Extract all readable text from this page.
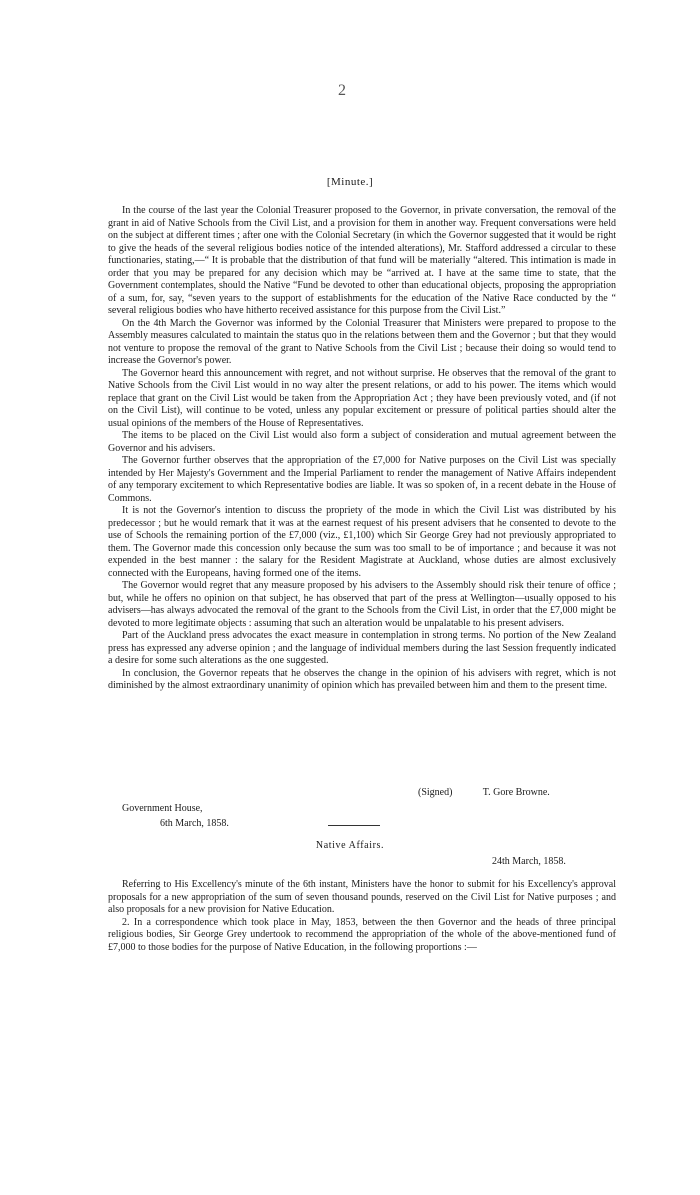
2
[Minute.]

In the course of the last year the Colonial Treasurer proposed to the Governor, in private conversation, the removal of the grant in aid of Native Schools from the Civil List, and a provision for them in another way. Frequent conversations were held on the subject at different times ; after one with the Colonial Secretary (in which the Governor suggested that it would be right to give the heads of the several religious bodies notice of the intended alterations), Mr. Stafford addressed a circular to these functionaries, stating,—“ It is probable that the distribution of that fund will be materially “altered. This intimation is made in order that you may be prepared for any decision which may be “arrived at. I have at the same time to state, that the Government contemplates, should the Native “Fund be devoted to other than educational objects, proposing the appropriation of a sum, for, say, “seven years to the support of establishments for the education of the Native Race conducted by the “ several religious bodies who have hitherto received assistance for this purpose from the Civil List.”

On the 4th March the Governor was informed by the Colonial Treasurer that Ministers were prepared to propose to the Assembly measures calculated to maintain the status quo in the relations between them and the Governor ; but that they would not venture to propose the removal of the grant to Native Schools from the Civil List ; because their doing so would tend to increase the Governor's power.

The Governor heard this announcement with regret, and not without surprise. He observes that the removal of the grant to Native Schools from the Civil List would in no way alter the present relations, or add to his power. The items which would replace that grant on the Civil List would be taken from the Appropriation Act ; they have been previously voted, and (if not on the Civil List), will continue to be voted, unless any popular excitement or pressure of political parties should alter the usual opinions of the members of the House of Representatives.

The items to be placed on the Civil List would also form a subject of consideration and mutual agreement between the Governor and his advisers.

The Governor further observes that the appropriation of the £7,000 for Native purposes on the Civil List was specially intended by Her Majesty's Government and the Imperial Parliament to render the management of Native Affairs independent of any temporary excitement to which Representative bodies are liable. It was so spoken of, in a recent debate in the House of Commons.

It is not the Governor's intention to discuss the propriety of the mode in which the Civil List was distributed by his predecessor ; but he would remark that it was at the earnest request of his present advisers that he consented to devote to the use of Schools the remaining portion of the £7,000 (viz., £1,100) which Sir George Grey had not previously appropriated to them. The Governor made this concession only because the sum was too small to be of importance ; and because it was not expended in the best manner : the salary for the Resident Magistrate at Auckland, whose duties are almost exclusively connected with the Europeans, having formed one of the items.

The Governor would regret that any measure proposed by his advisers to the Assembly should risk their tenure of office ; but, while he offers no opinion on that subject, he has observed that part of the press at Wellington—usually opposed to his advisers—has always advocated the removal of the grant to the Schools from the Civil List, in order that the £7,000 might be devoted to more legitimate objects : assuming that such an alteration would be unpalatable to his present advisers.

Part of the Auckland press advocates the exact measure in contemplation in strong terms. No portion of the New Zealand press has expressed any adverse opinion ; and the language of individual members during the last Session frequently indicated a desire for some such alterations as the one suggested.

In conclusion, the Governor repeats that he observes the change in the opinion of his advisers with regret, which is not diminished by the almost extraordinary unanimity of opinion which has prevailed between him and them to the present time.

(Signed)	T. Gore Browne.
Government House,
6th March, 1858.
Native Affairs.
24th March, 1858.

Referring to His Excellency's minute of the 6th instant, Ministers have the honor to submit for his Excellency's approval proposals for a new appropriation of the sum of seven thousand pounds, reserved on the Civil List for Native purposes ; and also proposals for a new provision for Native Education.

2. In a correspondence which took place in May, 1853, between the then Governor and the heads of three principal religious bodies, Sir George Grey undertook to recommend the appropriation of the whole of the above-mentioned fund of £7,000 to those bodies for the purpose of Native Education, in the following proportions :—
